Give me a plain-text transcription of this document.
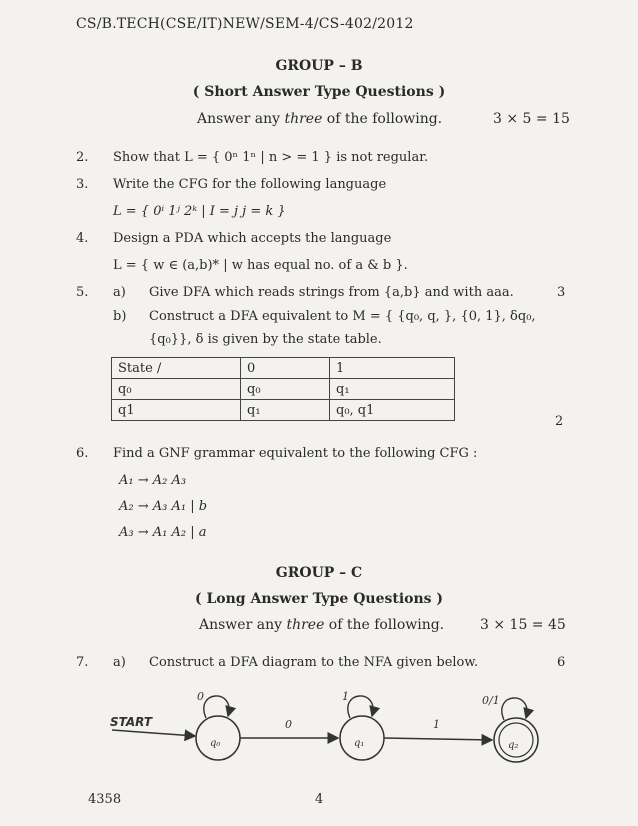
CS/B.TECH(CSE/IT)NEW/SEM-4/CS-402/2012
GROUP – B
( Short Answer Type Questions )
Answer any three of the following.	3 × 5 = 15
2. Show that L = { 0ⁿ 1ⁿ | n > = 1 } is not regular.
3. Write the CFG for the following language
L = { 0ⁱ 1ʲ 2ᵏ | I = j j = k }
4. Design a PDA which accepts the language
L = { w ∈ (a,b)* | w has equal no. of a & b }.
5. a) Give DFA which reads strings from {a,b} and with aaa.	3
b) Construct a DFA equivalent to M = { {q₀, q, }, {0, 1}, δq₀,
{q₀}}, δ is given by the state table.
State /	0	1
q₀	q₀	q₁
q1	q₁	q₀, q1
2
6. Find a GNF grammar equivalent to the following CFG :
A₁ → A₂ A₃
A₂ → A₃ A₁ | b
A₃ → A₁ A₂ | a
GROUP – C
( Long Answer Type Questions )
Answer any three of the following.	3 × 15 = 45
7. a) Construct a DFA diagram to the NFA given below.	6
START
q₀	q₁	q₂
0	1	0/1
0	1
4358	4
